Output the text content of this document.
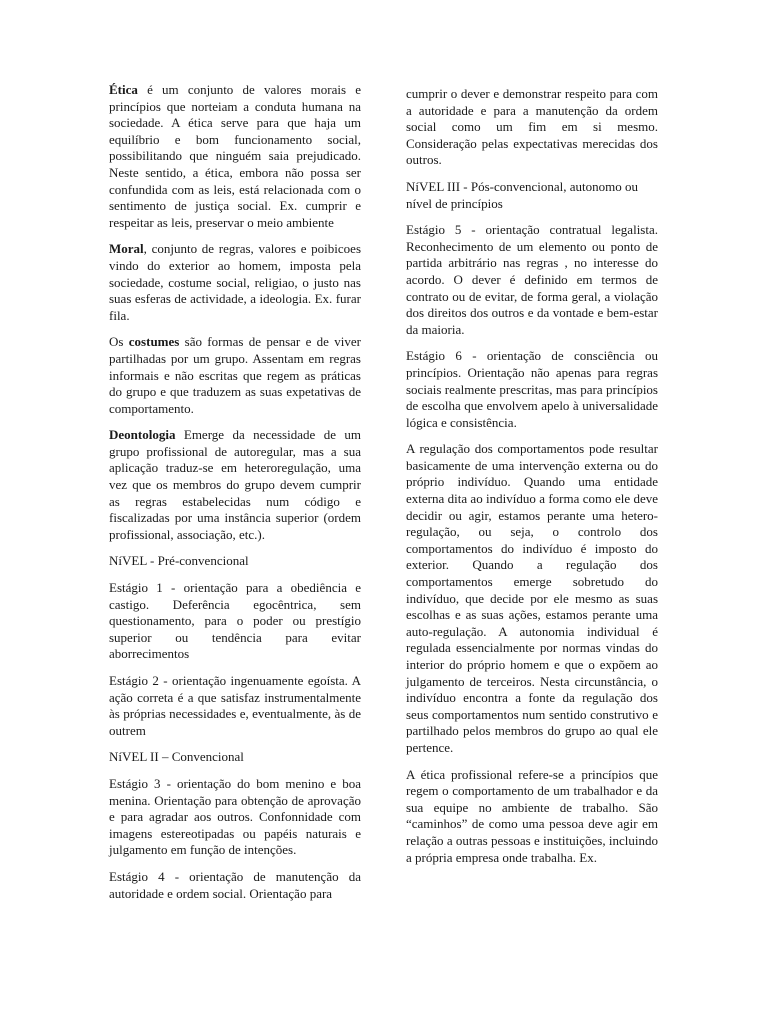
Ética é um conjunto de valores morais e princípios que norteiam a conduta humana na sociedade. A ética serve para que haja um equilíbrio e bom funcionamento social, possibilitando que ninguém saia prejudicado. Neste sentido, a ética, embora não possa ser confundida com as leis, está relacionada com o sentimento de justiça social. Ex. cumprir e respeitar as leis, preservar o meio ambiente

Moral, conjunto de regras, valores e poibicoes vindo do exterior ao homem, imposta pela sociedade, costume social, religiao, o justo nas suas esferas de actividade, a ideologia. Ex. furar fila.

Os costumes são formas de pensar e de viver partilhadas por um grupo. Assentam em regras informais e não escritas que regem as práticas do grupo e que traduzem as suas expetativas de comportamento.

Deontologia Emerge da necessidade de um grupo profissional de autoregular, mas a sua aplicação traduz-se em heteroregulação, uma vez que os membros do grupo devem cumprir as regras estabelecidas num código e fiscalizadas por uma instância superior (ordem profissional, associação, etc.).

NíVEL - Pré-convencional

Estágio 1 - orientação para a obediência e castigo. Deferência egocêntrica, sem questionamento, para o poder ou prestígio superior ou tendência para evitar aborrecimentos

Estágio 2 - orientação ingenuamente egoísta. A ação correta é a que satisfaz instrumentalmente às próprias necessidades e, eventualmente, às de outrem

NíVEL II – Convencional

Estágio 3 - orientação do bom menino e boa menina. Orientação para obtenção de aprovação e para agradar aos outros. Confonnidade com imagens estereotipadas ou papéis naturais e julgamento em função de intenções.

Estágio 4 - orientação de manutenção da autoridade e ordem social. Orientação para

cumprir o dever e demonstrar respeito para com a autoridade e para a manutenção da ordem social como um fim em si mesmo. Consideração pelas expectativas merecidas dos outros.

NíVEL III - Pós-convencional, autonomo ou nível de princípios

Estágio 5 - orientação contratual legalista. Reconhecimento de um elemento ou ponto de partida arbitrário nas regras , no interesse do acordo. O dever é definido em termos de contrato ou de evitar, de forma geral, a violação dos direitos dos outros e da vontade e bem-estar da maioria.

Estágio 6 - orientação de consciência ou princípios. Orientação não apenas para regras sociais realmente prescritas, mas para princípios de escolha que envolvem apelo à universalidade lógica e consistência.

A regulação dos comportamentos pode resultar basicamente de uma intervenção externa ou do próprio indivíduo. Quando uma entidade externa dita ao indivíduo a forma como ele deve decidir ou agir, estamos perante uma hetero-regulação, ou seja, o controlo dos comportamentos do indivíduo é imposto do exterior. Quando a regulação dos comportamentos emerge sobretudo do indivíduo, que decide por ele mesmo as suas escolhas e as suas ações, estamos perante uma auto-regulação. A autonomia individual é regulada essencialmente por normas vindas do interior do próprio homem e que o expõem ao julgamento de terceiros. Nesta circunstância, o indivíduo encontra a fonte da regulação dos seus comportamentos num sentido construtivo e partilhado pelos membros do grupo ao qual ele pertence.

A ética profissional refere-se a princípios que regem o comportamento de um trabalhador e da sua equipe no ambiente de trabalho. São “caminhos” de como uma pessoa deve agir em relação a outras pessoas e instituições, incluindo a própria empresa onde trabalha. Ex.
